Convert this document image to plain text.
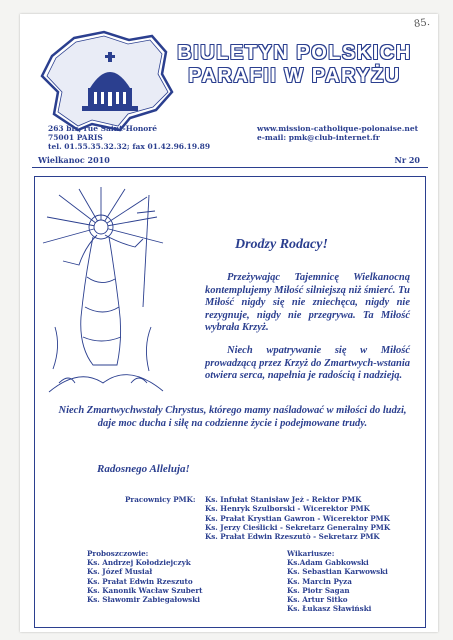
85.
BIULETYN POLSKICH
PARAFII W PARYŻU
263 bis, rue Saint-Honoré
75001 PARIS
tel. 01.55.35.32.32; fax 01.42.96.19.89
www.mission-catholique-polonaise.net
e-mail: pmk@club-internet.fr
Wielkanoc 2010	Nr 20
Drodzy Rodacy!
Przeżywając Tajemnicę Wielkanocną kontemplujemy Miłość silniejszą niż śmierć. Tu Miłość nigdy się nie zniechęca, nigdy nie rezygnuje, nigdy nie przegrywa. Ta Miłość wybrała Krzyż.
Niech wpatrywanie się w Miłość prowadzącą przez Krzyż do Zmartwych-wstania otwiera serca, napełnia je radością i nadzieją.
Niech Zmartwychwstały Chrystus, którego mamy naśladować w miłości do ludzi, daje moc ducha i siłę na codzienne życie i podejmowane trudy.
Radosnego Alleluja!
Pracownicy PMK: Ks. Infułat Stanisław Jeż - Rektor PMK
Ks. Henryk Szulborski - Wicerektor PMK
Ks. Prałat Krystian Gawron - Wicerektor PMK
Ks. Jerzy Cieślicki - Sekretarz Generalny PMK
Ks. Prałat Edwin Rzeszutò - Sekretarz PMK
Proboszczowie:
Ks. Andrzej Kołodziejczyk
Ks. Józef Musiał
Ks. Prałat Edwin Rzeszuto
Ks. Kanonik Wacław Szubert
Ks. Sławomir Zabiegałowski
Wikariusze:
Ks.Adam Gabkowski
Ks. Sebastian Karwowski
Ks. Marcin Pyza
Ks. Piotr Sagan
Ks. Artur Sitko
Ks. Łukasz Sławiński
